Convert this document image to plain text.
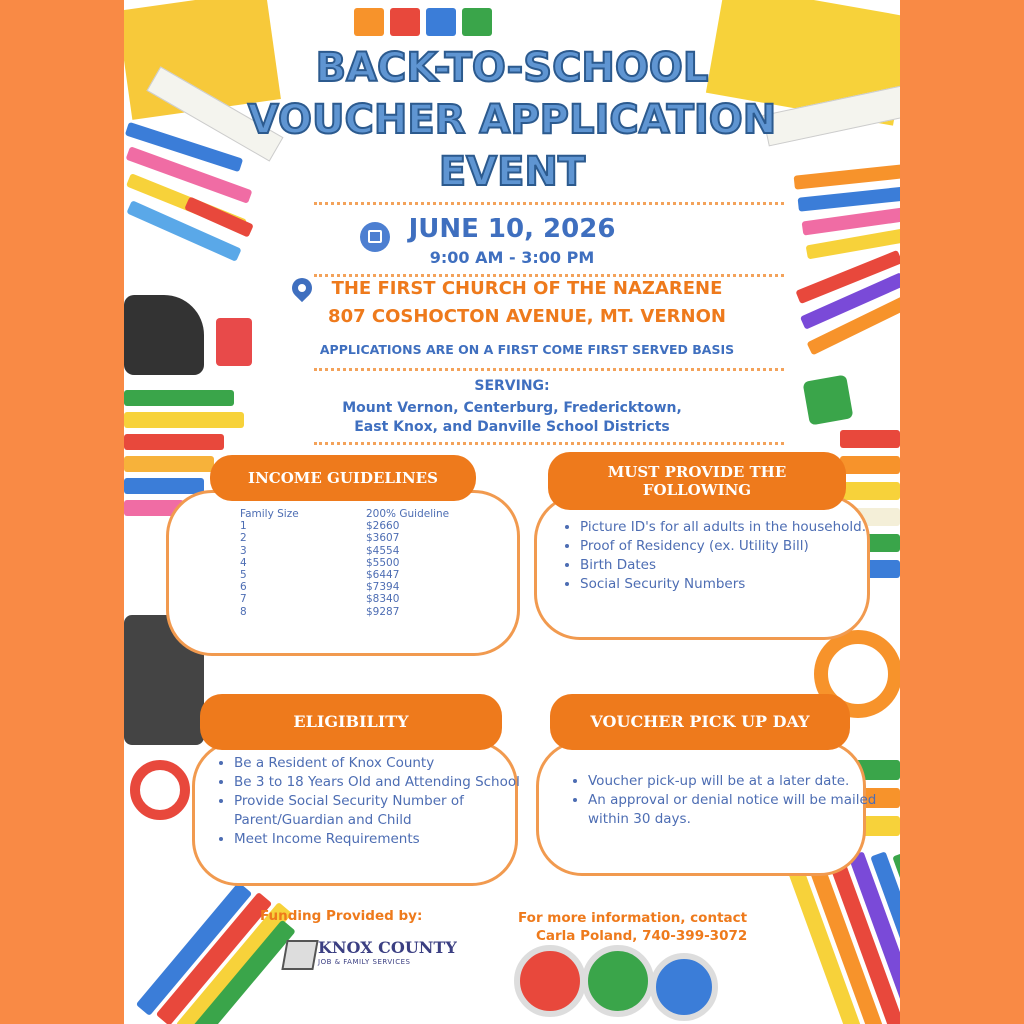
BACK-TO-SCHOOL
VOUCHER APPLICATION
EVENT
JUNE 10, 2026
9:00 AM - 3:00 PM
THE FIRST CHURCH OF THE NAZARENE
807 COSHOCTON AVENUE, MT. VERNON
APPLICATIONS ARE ON A FIRST COME FIRST SERVED BASIS
SERVING:
Mount Vernon, Centerburg, Fredericktown,
East Knox, and Danville School Districts
INCOME GUIDELINES
Family Size	200% Guideline
1	$2660
2	$3607
3	$4554
4	$5500
5	$6447
6	$7394
7	$8340
8	$9287
MUST PROVIDE THE FOLLOWING
• Picture ID's for all adults in the household.
• Proof of Residency (ex. Utility Bill)
• Birth Dates
• Social Security Numbers
ELIGIBILITY
• Be a Resident of Knox County
• Be 3 to 18 Years Old and Attending School
• Provide Social Security Number of Parent/Guardian and Child
• Meet Income Requirements
VOUCHER PICK UP DAY
• Voucher pick-up will be at a later date.
• An approval or denial notice will be mailed within 30 days.
Funding Provided by:
KNOX COUNTY
JOB & FAMILY SERVICES
For more information, contact
Carla Poland, 740-399-3072
